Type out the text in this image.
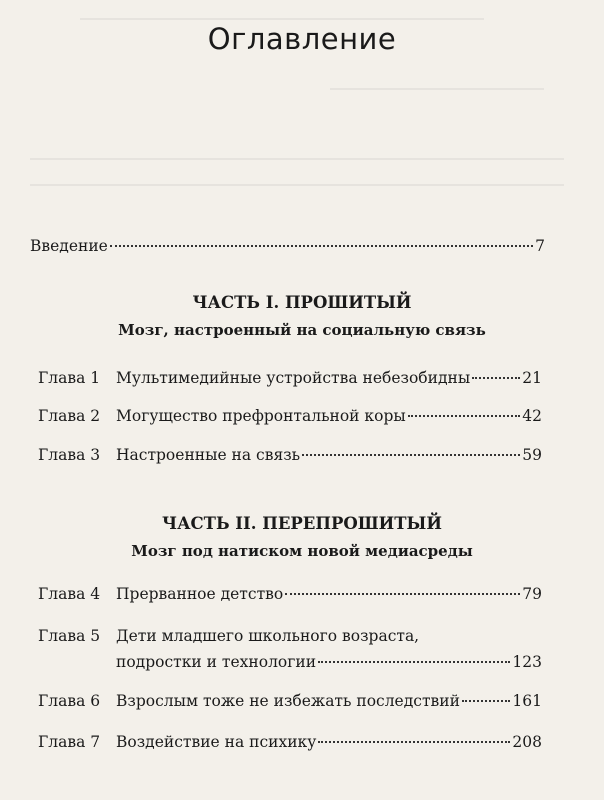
Оглавление
Введение	7
ЧАСТЬ I. ПРОШИТЫЙ
Мозг, настроенный на социальную связь
Глава 1	Мультимедийные устройства небезобидны	21
Глава 2	Могущество префронтальной коры	42
Глава 3	Настроенные на связь	59
ЧАСТЬ II. ПЕРЕПРОШИТЫЙ
Мозг под натиском новой медиасреды
Глава 4	Прерванное детство	79
Глава 5	Дети младшего школьного возраста,
подростки и технологии	123
Глава 6	Взрослым тоже не избежать последствий	161
Глава 7	Воздействие на психику	208
